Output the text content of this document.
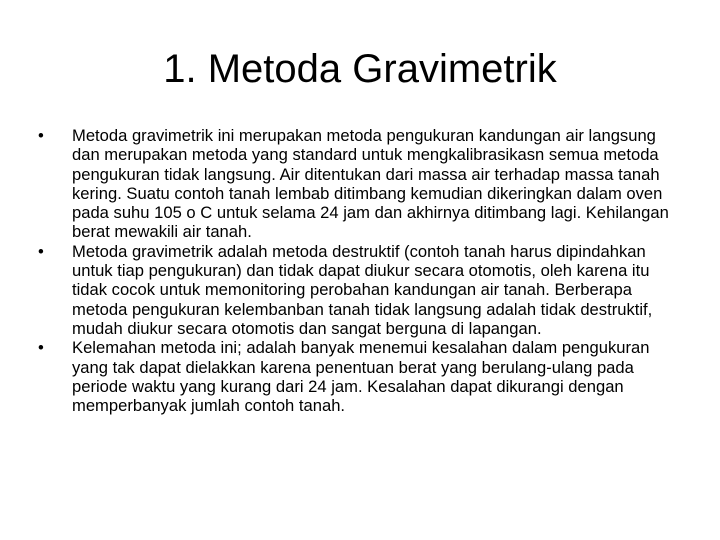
1. Metoda Gravimetrik
•	Metoda gravimetrik ini merupakan metoda pengukuran kandungan air langsung dan merupakan metoda yang standard untuk mengkalibrasikasn semua metoda pengukuran tidak langsung. Air ditentukan dari massa air terhadap massa tanah kering. Suatu contoh tanah lembab ditimbang kemudian dikeringkan dalam oven pada suhu 105 o C untuk selama 24 jam dan akhirnya ditimbang lagi. Kehilangan berat mewakili air tanah.
•	Metoda gravimetrik adalah metoda destruktif (contoh tanah harus dipindahkan untuk tiap pengukuran) dan tidak dapat diukur secara otomotis, oleh karena itu tidak cocok untuk memonitoring perobahan kandungan air tanah. Berberapa metoda pengukuran kelembanban tanah tidak langsung adalah tidak destruktif, mudah diukur secara otomotis dan sangat berguna di lapangan.
•	Kelemahan metoda ini; adalah banyak menemui kesalahan dalam pengukuran yang tak dapat dielakkan karena penentuan berat yang berulang-ulang pada periode waktu yang kurang dari 24 jam. Kesalahan dapat dikurangi dengan memperbanyak jumlah contoh tanah.
